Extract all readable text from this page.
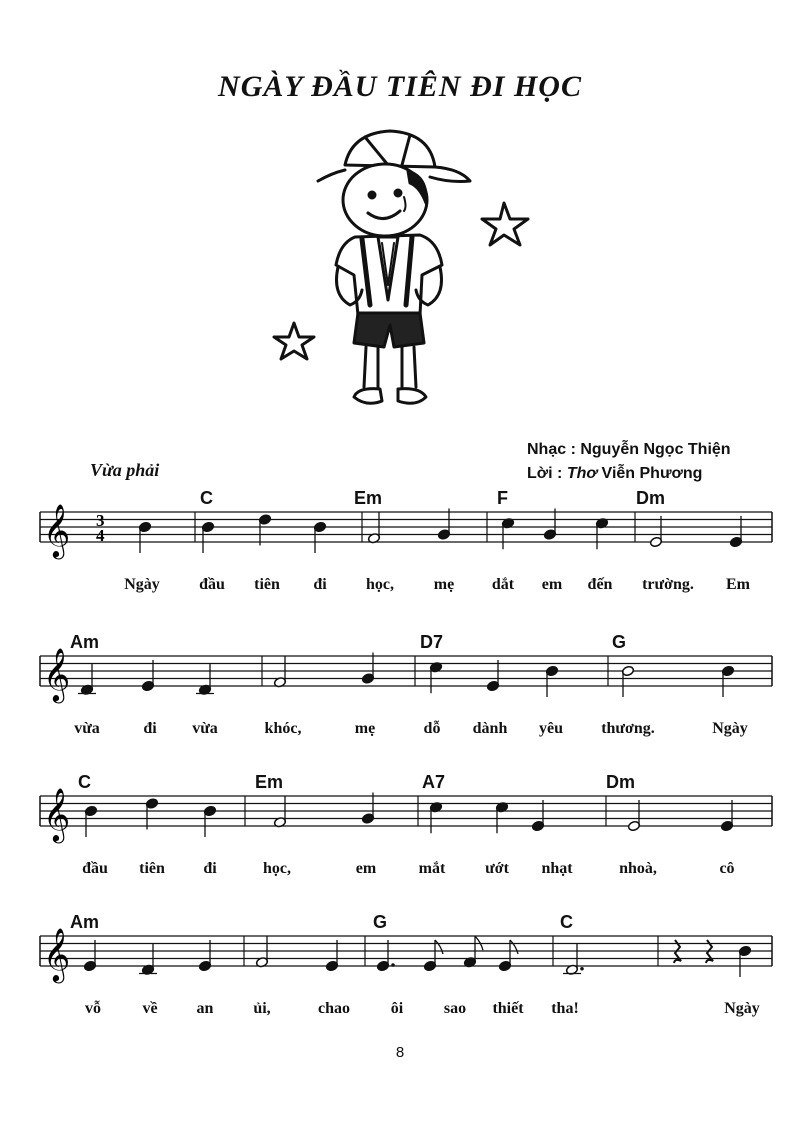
NGÀY ĐẦU TIÊN ĐI HỌC
Nhạc : Nguyễn Ngọc Thiện
Lời : Thơ Viễn Phương
Vừa phải
𝄞 3
4
C	Em	F	Dm
Ngày đầu tiên đi học, mẹ dắt em đến trường. Em
𝄞
Am	D7	G
vừa	đi vừa	khóc,	mẹ	dỗ dành yêu thương.	Ngày
𝄞
C	Em	A7	Dm
đầu tiên đi	học,	em	mắt ướt nhạt	nhoà,	cô
𝄞
Am	G	C
vỗ	về an ủi,	chao	ôi	sao thiết tha!	Ngày
8
